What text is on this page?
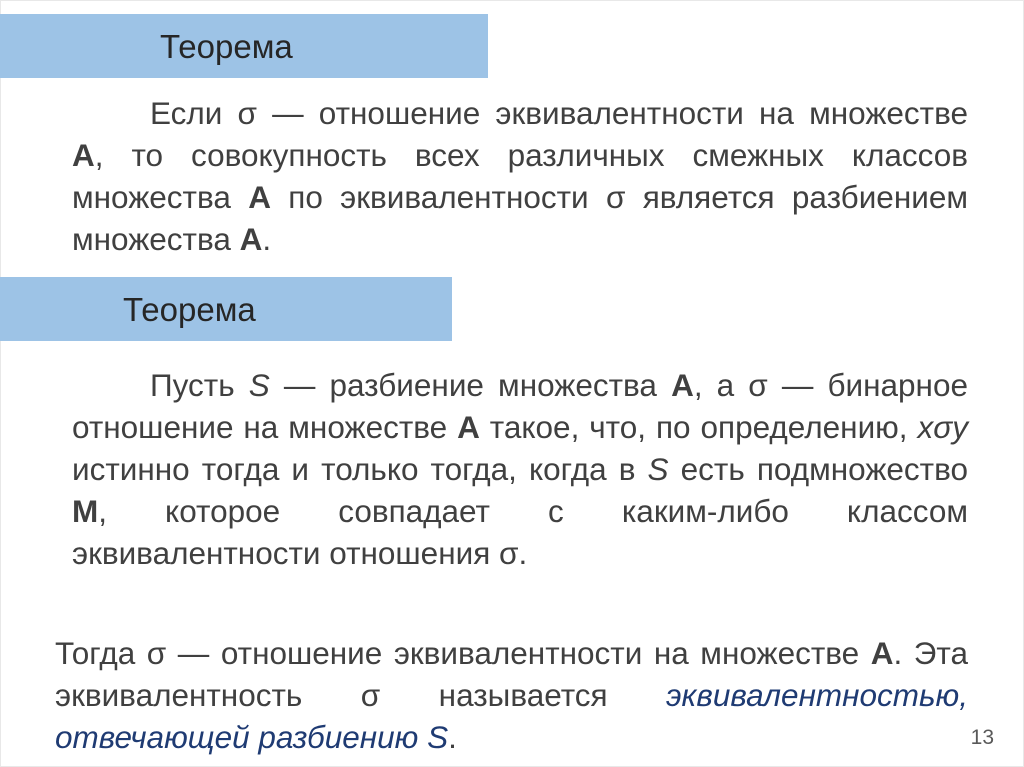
Теорема
Если σ — отношение эквивалентности на множестве А, то совокупность всех различных смежных классов множества А по эквивалентности σ является разбиением множества А.
Теорема
Пусть S — разбиение множества А, а σ — бинарное отношение на множестве А такое, что, по определению, xσy истинно тогда и только тогда, когда в S есть подмножество M, которое совпадает с каким-либо классом эквивалентности отношения σ.
Тогда σ — отношение эквивалентности на множестве А. Эта эквивалентность σ называется эквивалентностью, отвечающей разбиению S.	13
